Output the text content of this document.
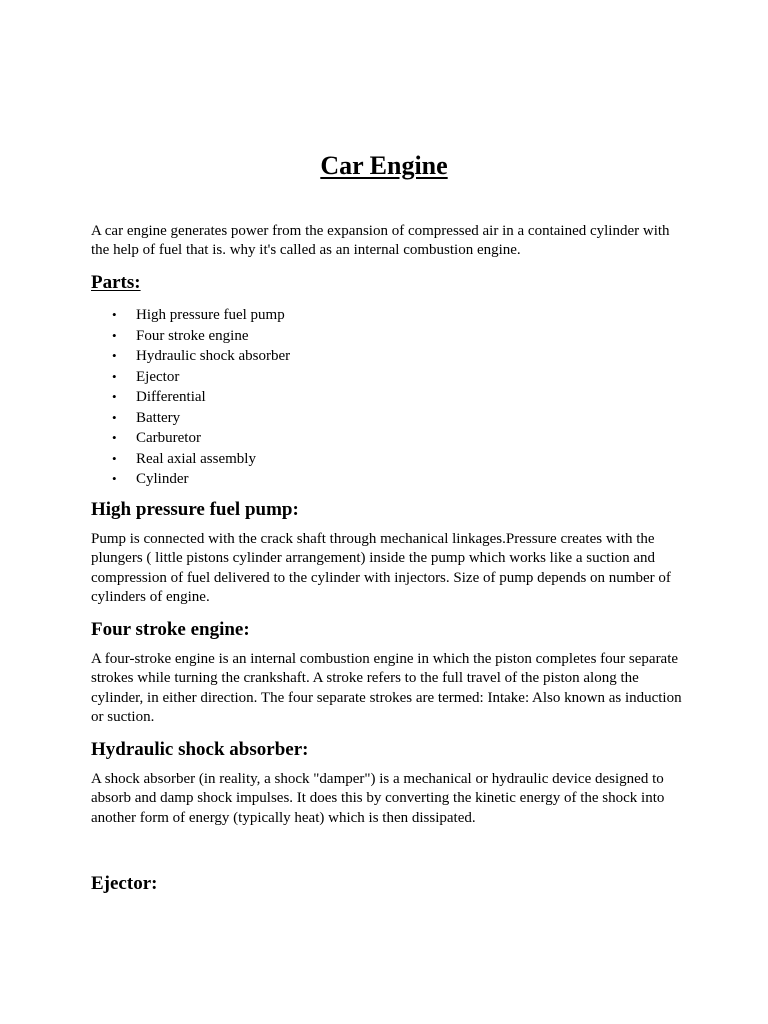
Car Engine

A car engine generates power from the expansion of compressed air in a contained cylinder with the help of fuel that is. why it's called as an internal combustion engine.

Parts:
• High pressure fuel pump
• Four stroke engine
• Hydraulic shock absorber
• Ejector
• Differential
• Battery
• Carburetor
• Real axial assembly
• Cylinder
High pressure fuel pump:

Pump is connected with the crack shaft through mechanical linkages.Pressure creates with the plungers ( little pistons cylinder arrangement) inside the pump which works like a suction and compression of fuel delivered to the cylinder with injectors. Size of pump depends on number of cylinders of engine.

Four stroke engine:

A four-stroke engine is an internal combustion engine in which the piston completes four separate strokes while turning the crankshaft. A stroke refers to the full travel of the piston along the cylinder, in either direction. The four separate strokes are termed: Intake: Also known as induction or suction.

Hydraulic shock absorber:

A shock absorber (in reality, a shock "damper") is a mechanical or hydraulic device designed to absorb and damp shock impulses. It does this by converting the kinetic energy of the shock into another form of energy (typically heat) which is then dissipated.

Ejector:
